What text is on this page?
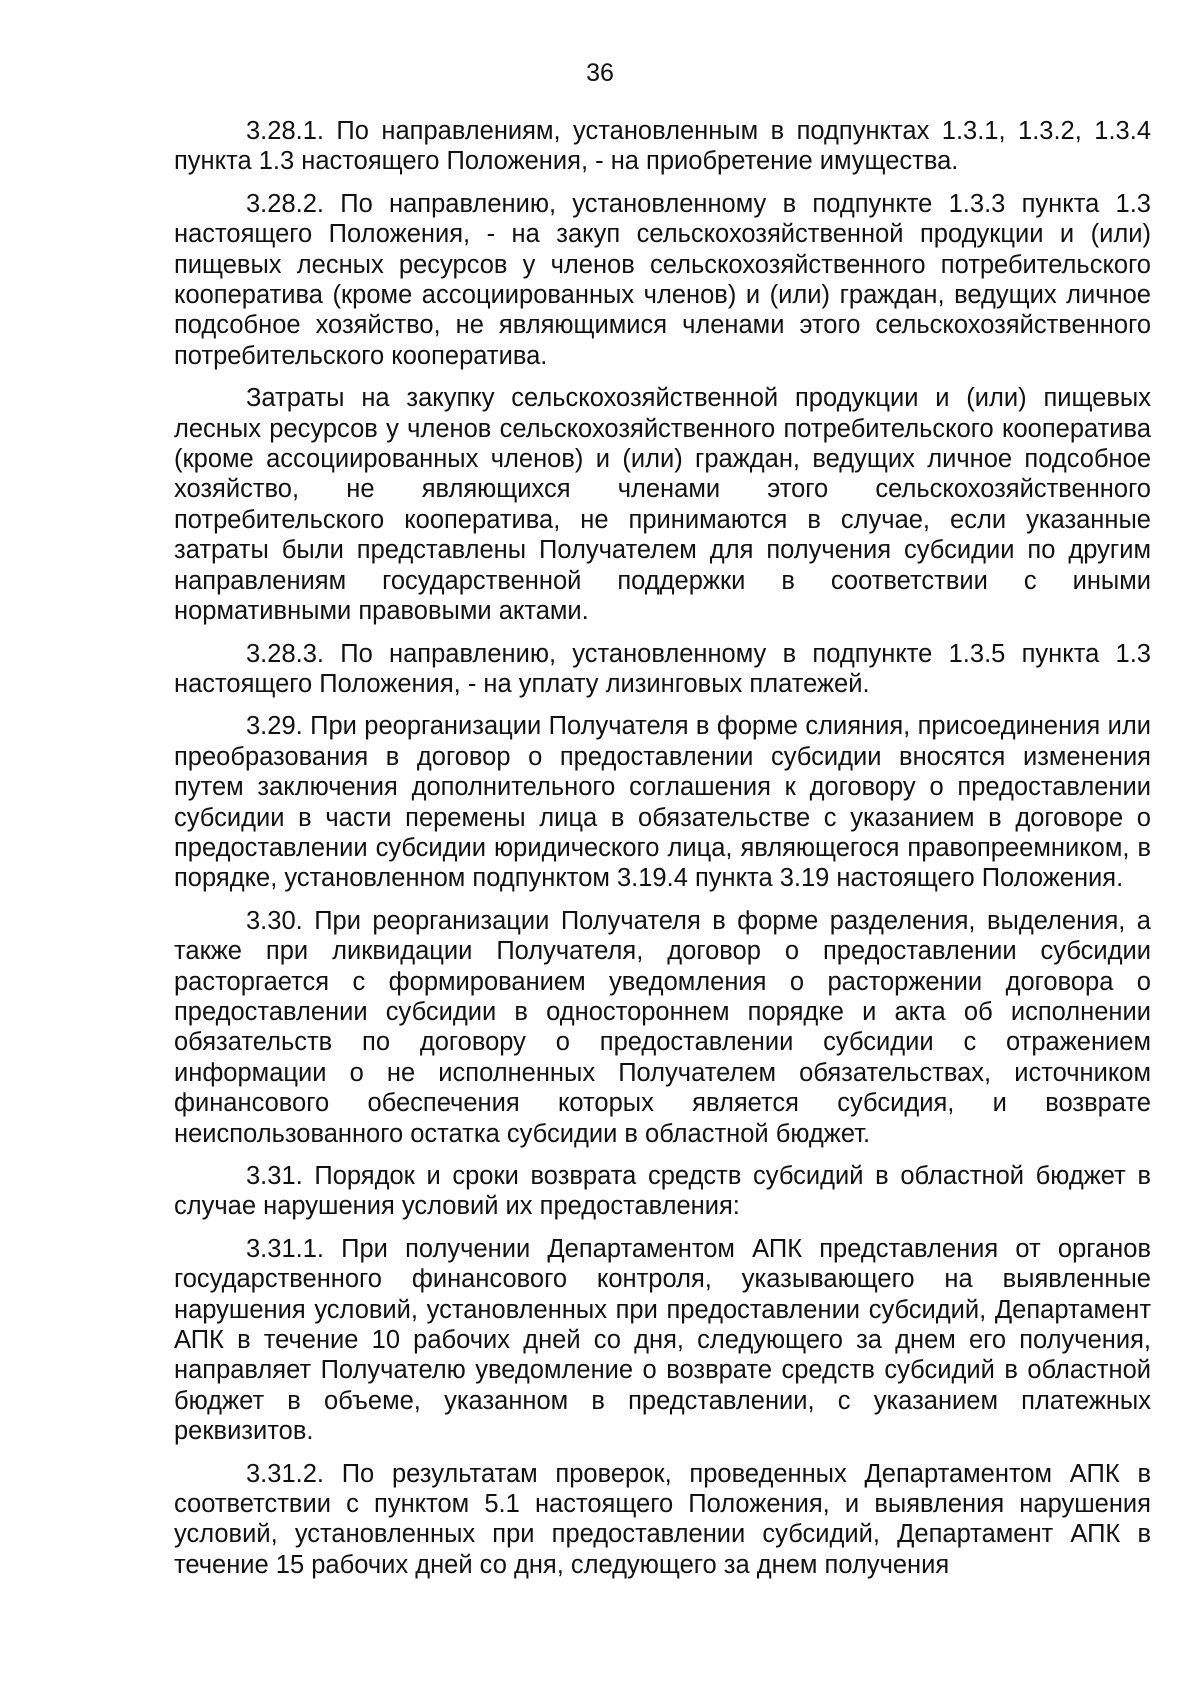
36

3.28.1. По направлениям, установленным в подпунктах 1.3.1, 1.3.2, 1.3.4 пункта 1.3 настоящего Положения, - на приобретение имущества.

3.28.2. По направлению, установленному в подпункте 1.3.3 пункта 1.3 настоящего Положения, - на закуп сельскохозяйственной продукции и (или) пищевых лесных ресурсов у членов сельскохозяйственного потребительского кооператива (кроме ассоциированных членов) и (или) граждан, ведущих личное подсобное хозяйство, не являющимися членами этого сельскохозяйственного потребительского кооператива.

Затраты на закупку сельскохозяйственной продукции и (или) пищевых лесных ресурсов у членов сельскохозяйственного потребительского кооператива (кроме ассоциированных членов) и (или) граждан, ведущих личное подсобное хозяйство, не являющихся членами этого сельскохозяйственного потребительского кооператива, не принимаются в случае, если указанные затраты были представлены Получателем для получения субсидии по другим направлениям государственной поддержки в соответствии с иными нормативными правовыми актами.

3.28.3. По направлению, установленному в подпункте 1.3.5 пункта 1.3 настоящего Положения, - на уплату лизинговых платежей.

3.29. При реорганизации Получателя в форме слияния, присоединения или преобразования в договор о предоставлении субсидии вносятся изменения путем заключения дополнительного соглашения к договору о предоставлении субсидии в части перемены лица в обязательстве с указанием в договоре о предоставлении субсидии юридического лица, являющегося правопреемником, в порядке, установленном подпунктом 3.19.4 пункта 3.19 настоящего Положения.

3.30. При реорганизации Получателя в форме разделения, выделения, а также при ликвидации Получателя, договор о предоставлении субсидии расторгается с формированием уведомления о расторжении договора о предоставлении субсидии в одностороннем порядке и акта об исполнении обязательств по договору о предоставлении субсидии с отражением информации о не исполненных Получателем обязательствах, источником финансового обеспечения которых является субсидия, и возврате неиспользованного остатка субсидии в областной бюджет.

3.31. Порядок и сроки возврата средств субсидий в областной бюджет в случае нарушения условий их предоставления:

3.31.1. При получении Департаментом АПК представления от органов государственного финансового контроля, указывающего на выявленные нарушения условий, установленных при предоставлении субсидий, Департамент АПК в течение 10 рабочих дней со дня, следующего за днем его получения, направляет Получателю уведомление о возврате средств субсидий в областной бюджет в объеме, указанном в представлении, с указанием платежных реквизитов.

3.31.2. По результатам проверок, проведенных Департаментом АПК в соответствии с пунктом 5.1 настоящего Положения, и выявления нарушения условий, установленных при предоставлении субсидий, Департамент АПК в течение 15 рабочих дней со дня, следующего за днем получения
